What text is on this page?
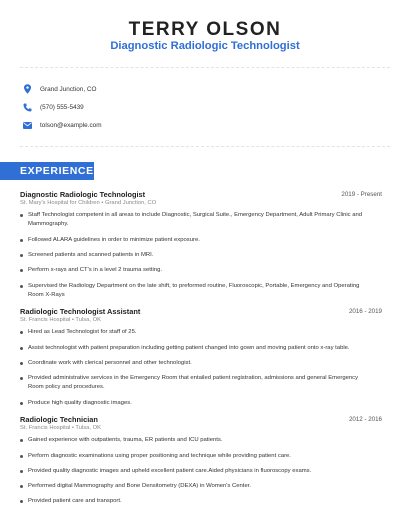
TERRY OLSON
Diagnostic Radiologic Technologist
Grand Junction, CO
(570) 555-5439
tolson@example.com
EXPERIENCE
Diagnostic Radiologic Technologist	2019 - Present
St. Mary's Hospital for Children • Grand Junction, CO
Staff Technologist competent in all areas to include Diagnostic, Surgical Suite., Emergency Department, Adult Primary Clinic and Mammography.
Followed ALARA guidelines in order to minimize patient exposure.
Screened patients and scanned patients in MRI.
Perform x-rays and CT's in a level 2 trauma setting.
Supervised the Radiology Department on the late shift, to preformed routine, Fluoroscopic, Portable, Emergency and Operating Room X-Rays
Radiologic Technologist Assistant	2016 - 2019
St. Francis Hospital • Tulsa, OK
Hired as Lead Technologist for staff of 25.
Assist technologist with patient preparation including getting patient changed into gown and moving patient onto x-ray table.
Coordinate work with clerical personnel and other technologist.
Provided administrative services in the Emergency Room that entailed patient registration, admissions and general Emergency Room policy and procedures.
Produce high quality diagnostic images.
Radiologic Technician	2012 - 2016
St. Francis Hospital • Tulsa, OK
Gained experience with outpatients, trauma, ER patients and ICU patients.
Perform diagnostic examinations using proper positioning and technique while providing patient care.
Provided quality diagnostic images and upheld excellent patient care.Aided physicians in fluoroscopy exams.
Performed digital Mammography and Bone Densitometry (DEXA) in Women's Center.
Provided patient care and transport.
